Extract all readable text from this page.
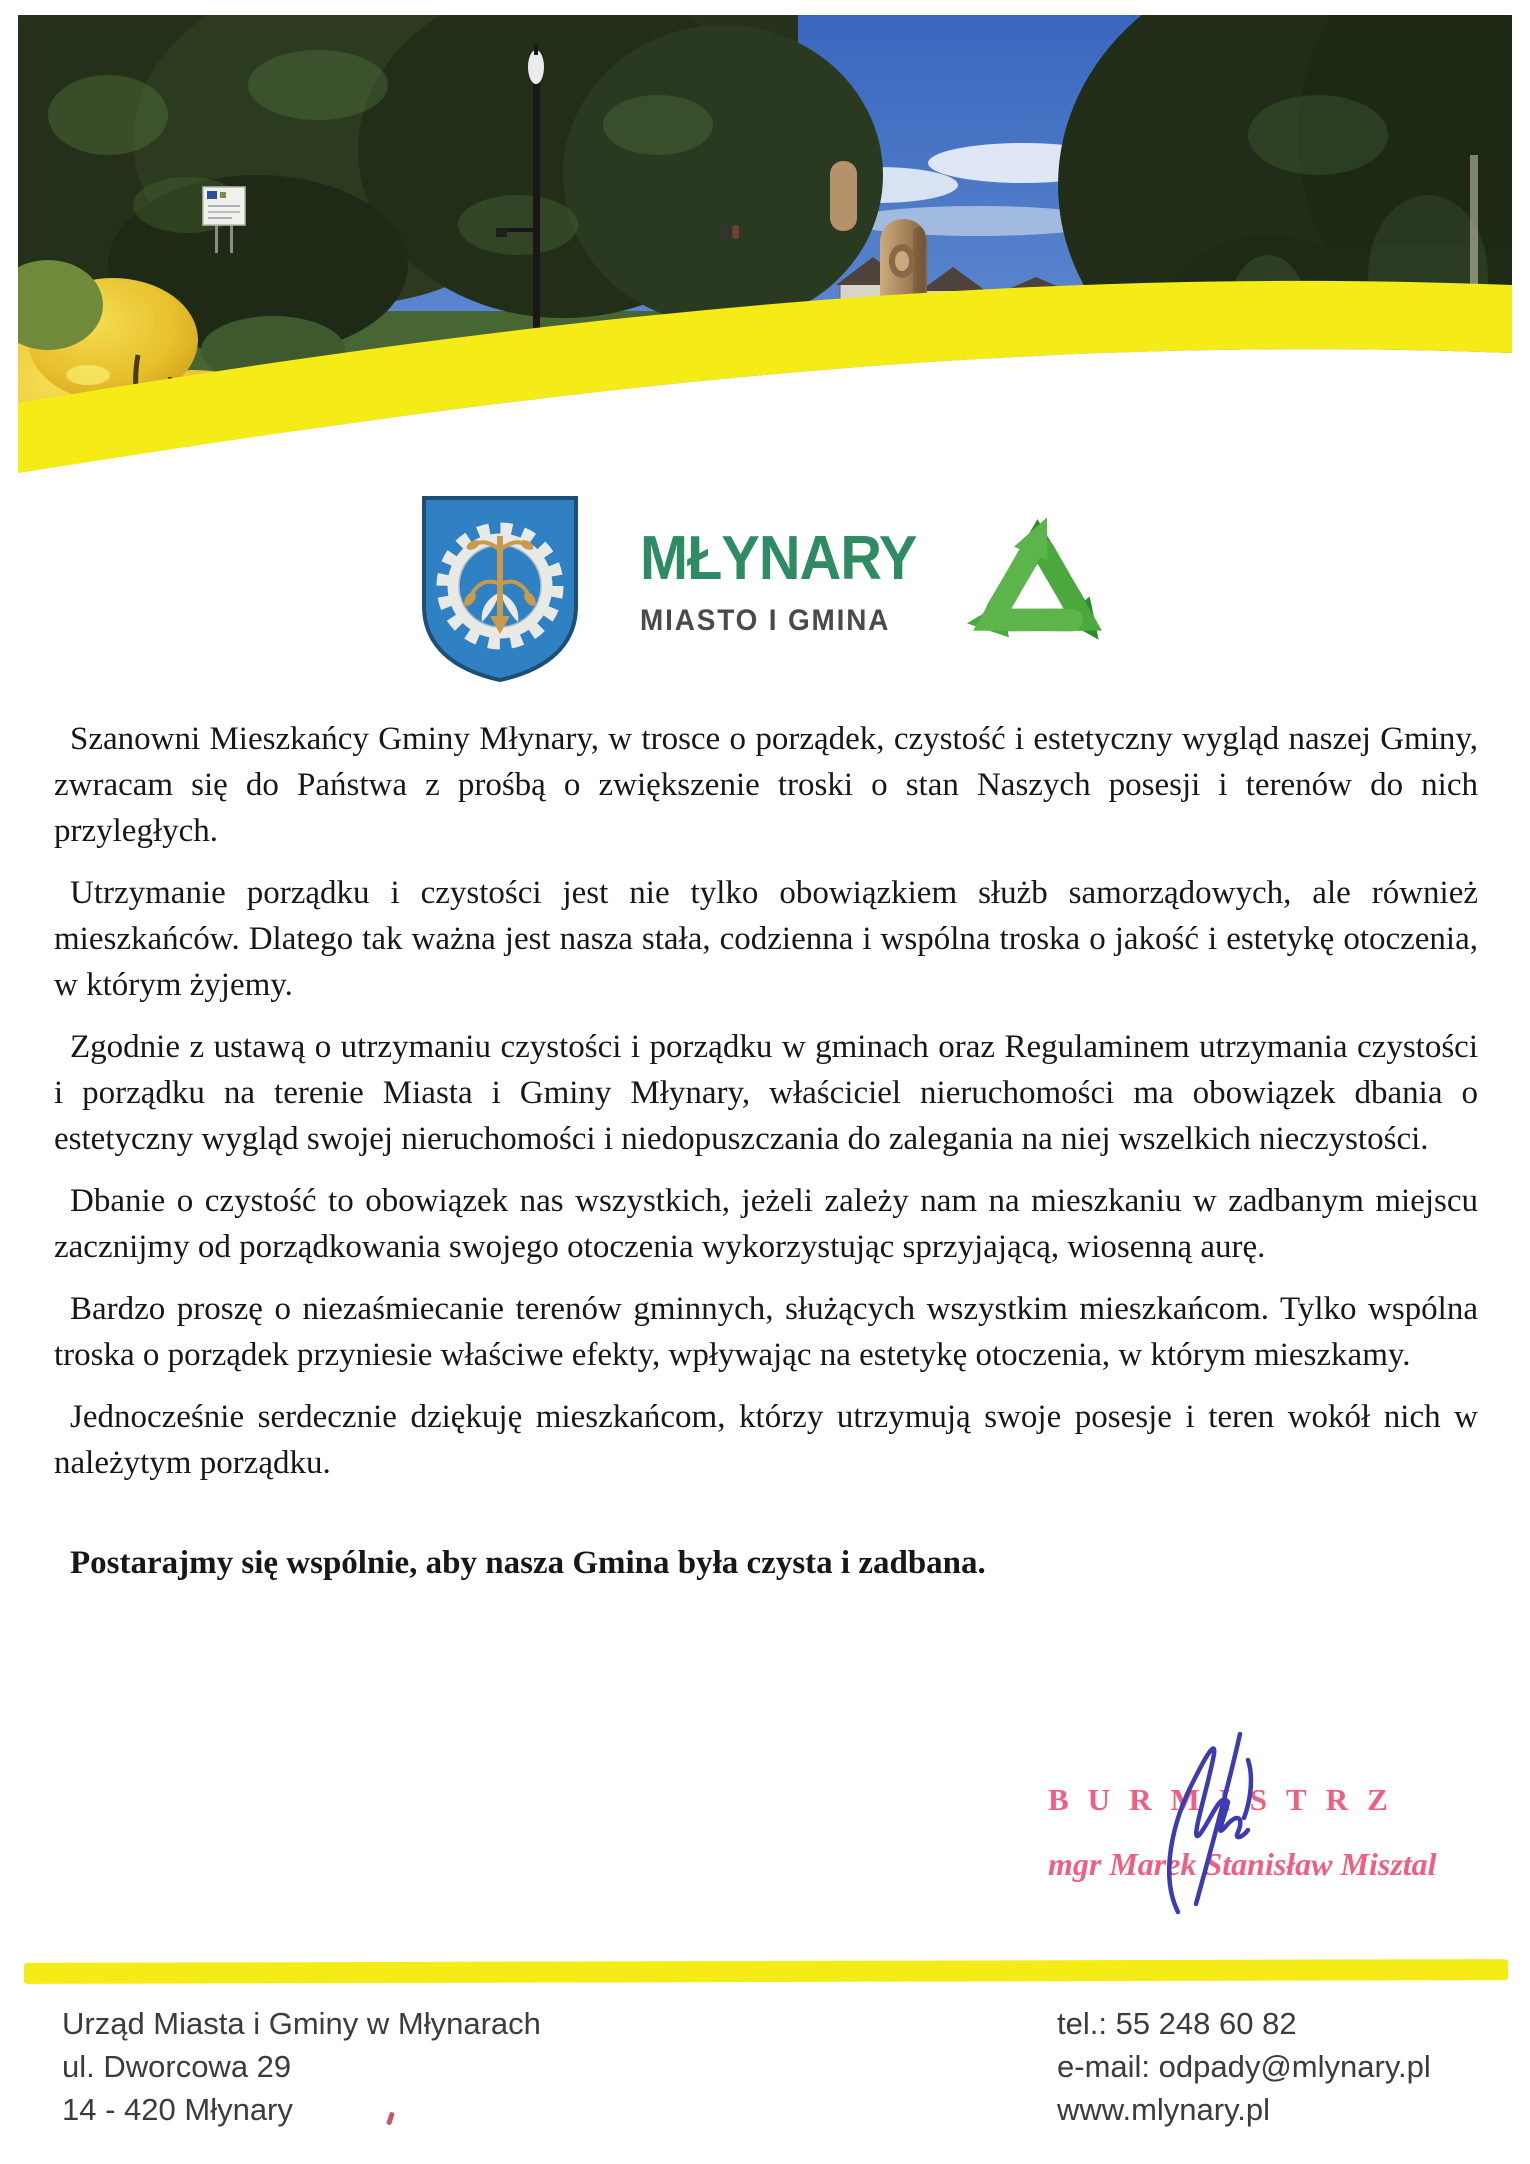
MŁYNARY
MIASTO I GMINA

Szanowni Mieszkańcy Gminy Młynary, w trosce o porządek, czystość i estetyczny wygląd naszej Gminy, zwracam się do Państwa z prośbą o zwiększenie troski o stan Naszych posesji i terenów do nich przyległych.

Utrzymanie porządku i czystości jest nie tylko obowiązkiem służb samorządowych, ale również mieszkańców. Dlatego tak ważna jest nasza stała, codzienna i wspólna troska o jakość i estetykę otoczenia, w którym żyjemy.

Zgodnie z ustawą o utrzymaniu czystości i porządku w gminach oraz Regulaminem utrzymania czystości i porządku na terenie Miasta i Gminy Młynary, właściciel nieruchomości ma obowiązek dbania o estetyczny wygląd swojej nieruchomości i niedopuszczania do zalegania na niej wszelkich nieczystości.

Dbanie o czystość to obowiązek nas wszystkich, jeżeli zależy nam na mieszkaniu w zadbanym miejscu zacznijmy od porządkowania swojego otoczenia wykorzystując sprzyjającą, wiosenną aurę.

Bardzo proszę o niezaśmiecanie terenów gminnych, służących wszystkim mieszkańcom. Tylko wspólna troska o porządek przyniesie właściwe efekty, wpływając na estetykę otoczenia, w którym mieszkamy.

Jednocześnie serdecznie dziękuję mieszkańcom, którzy utrzymują swoje posesje i teren wokół nich w należytym porządku.

Postarajmy się wspólnie, aby nasza Gmina była czysta i zadbana.

BURMISTRZ
mgr Marek Stanisław Misztal
Urząd Miasta i Gminy w Młynarach
ul. Dworcowa 29
14 - 420 Młynary
tel.: 55 248 60 82
e-mail: odpady@mlynary.pl
www.mlynary.pl
